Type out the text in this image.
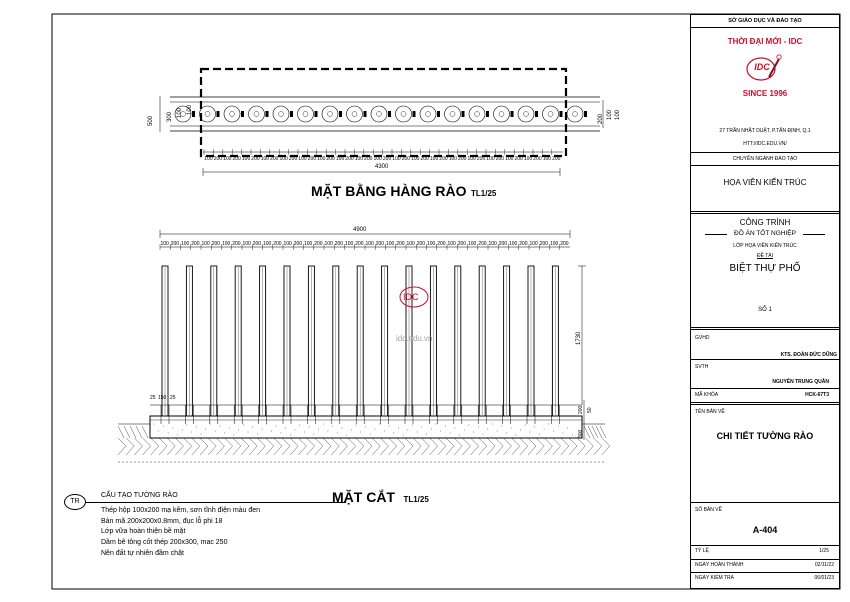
100 200 100 200 100 200 100 200 100 200 100 200 100 200 100 200 100 200 100 200 100 200 100 200 100 200 100 200 100 200 100 200 100 200 100 200 100 200
4300
500 300 100 100
200 100 100
4900
100 200 100 200 100 200 100 200 100 200 100 200 100 200 100 200 100 200 100 200 100 200 100 200 100 200 100 200 100 200 100 200 100 200 100 200 100 200 100 200
IDC
1730
25 150 25
300
200 50
MẶT BẰNG HÀNG RÀO TL1/25
MẶT CẮT TL1/25
TR
CẤU TẠO TƯỜNG RÀO
Thép hộp 100x200 mạ kẽm, sơn tĩnh điện màu đen
Bản mã 200x200x0.8mm, đục lỗ phi 18
Lớp vữa hoàn thiện bề mặt
Dầm bê tông cốt thép 200x300, mac 250
Nền đất tự nhiên đầm chặt
idc.edu.vn
SỞ GIÁO DỤC VÀ ĐÀO TẠO
THỜI ĐẠI MỚI - IDC
IDC
SINCE 1996
27 TRẦN NHẬT DUẬT, P.TÂN ĐỊNH, Q.1
HTT://IDC.EDU.VN/
CHUYÊN NGÀNH ĐÀO TẠO
HỌA VIÊN KIẾN TRÚC
CÔNG TRÌNH
ĐỒ ÁN TỐT NGHIỆP
LỚP HỌA VIÊN KIẾN TRÚC
ĐỀ TÀI
BIỆT THỰ PHỐ
SỐ 1
GVHD
KTS. ĐOÀN ĐỨC DŨNG
SVTH
NGUYỄN TRUNG QUÂN
MÃ KHÓA	HCK-67T3
TÊN BẢN VẼ
CHI TIẾT TƯỜNG RÀO
SỐ BẢN VẼ
A-404
TỶ LỆ	1/25
NGÀY HOÀN THÀNH	02/11/22
NGÀY KIỂM TRA	06/01/23
